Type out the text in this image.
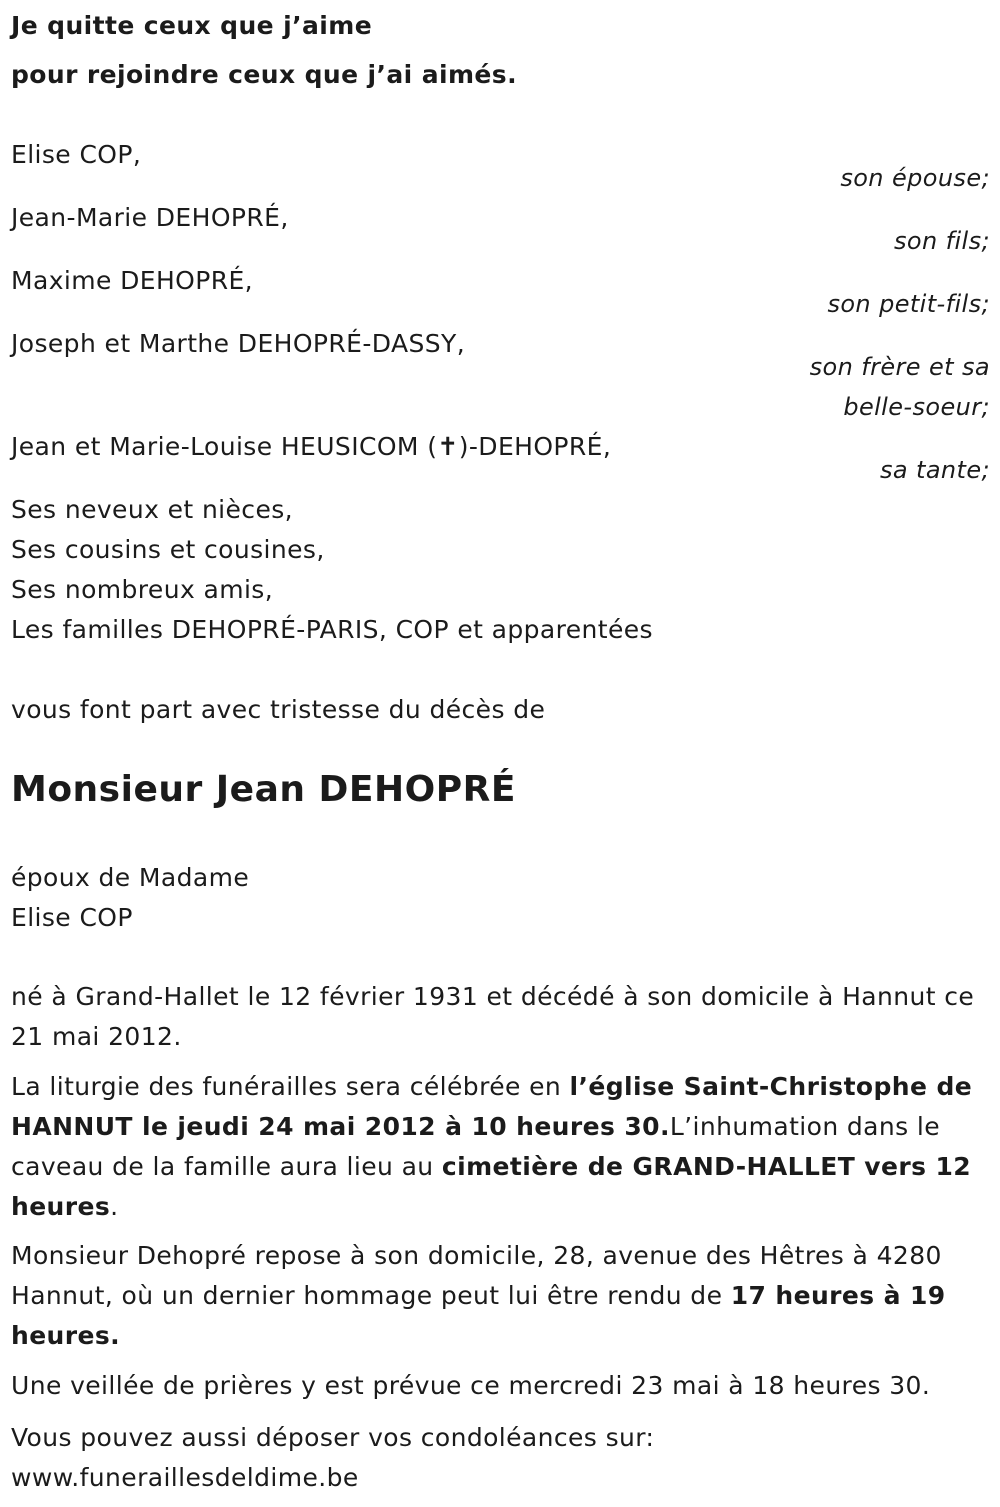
Je quitte ceux que j’aime
pour rejoindre ceux que j’ai aimés.
Elise COP,
son épouse;
Jean-Marie DEHOPRÉ,
son fils;
Maxime DEHOPRÉ,
son petit-fils;
Joseph et Marthe DEHOPRÉ-DASSY,
son frère et sa
belle-soeur;
Jean et Marie-Louise HEUSICOM (✝)-DEHOPRÉ,
sa tante;
Ses neveux et nièces,
Ses cousins et cousines,
Ses nombreux amis,
Les familles DEHOPRÉ-PARIS, COP et apparentées
vous font part avec tristesse du décès de
Monsieur Jean DEHOPRÉ
époux de Madame
Elise COP
né à Grand-Hallet le 12 février 1931 et décédé à son domicile à Hannut ce 21 mai 2012.
La liturgie des funérailles sera célébrée en l’église Saint-Christophe de HANNUT le jeudi 24 mai 2012 à 10 heures 30.L’inhumation dans le caveau de la famille aura lieu au cimetière de GRAND-HALLET vers 12 heures.
Monsieur Dehopré repose à son domicile, 28, avenue des Hêtres à 4280 Hannut, où un dernier hommage peut lui être rendu de 17 heures à 19 heures.
Une veillée de prières y est prévue ce mercredi 23 mai à 18 heures 30.
Vous pouvez aussi déposer vos condoléances sur:
www.funeraillesdeldime.be
